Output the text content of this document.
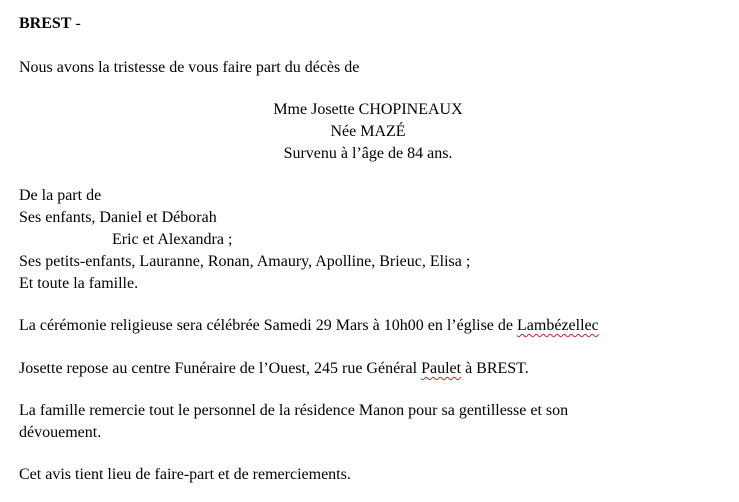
BREST -
Nous avons la tristesse de vous faire part du décès de
Mme Josette CHOPINEAUX
Née MAZÉ
Survenu à l’âge de 84 ans.
De la part de
Ses enfants, Daniel et Déborah
Eric et Alexandra ;
Ses petits-enfants, Lauranne, Ronan, Amaury, Apolline, Brieuc, Elisa ;
Et toute la famille.
La cérémonie religieuse sera célébrée Samedi 29 Mars à 10h00 en l’église de Lambézellec
Josette repose au centre Funéraire de l’Ouest, 245 rue Général Paulet à BREST.
La famille remercie tout le personnel de la résidence Manon pour sa gentillesse et son
dévouement.
Cet avis tient lieu de faire-part et de remerciements.
